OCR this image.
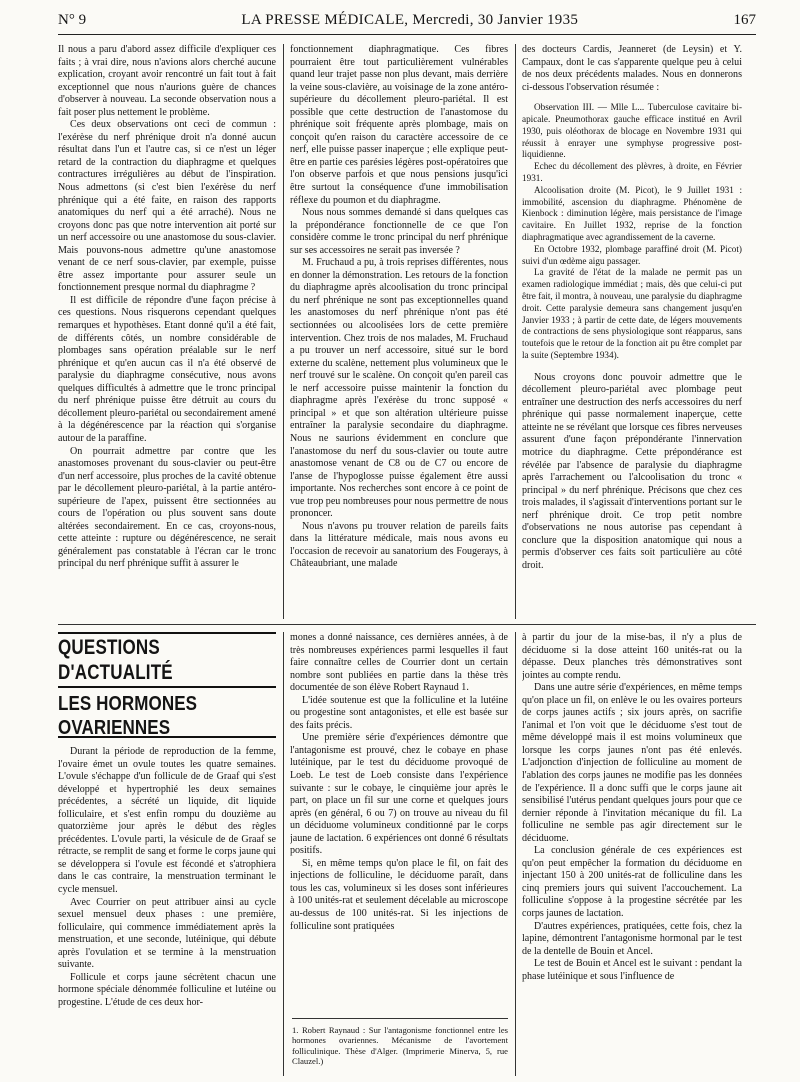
N° 9	LA PRESSE MÉDICALE, Mercredi, 30 Janvier 1935	167

Il nous a paru d'abord assez difficile d'expliquer ces faits ; à vrai dire, nous n'avions alors cherché aucune explication, croyant avoir rencontré un fait tout à fait exceptionnel que nous n'aurions guère de chances d'observer à nouveau. La seconde observation nous a fait poser plus nettement le problème.

Ces deux observations ont ceci de commun : l'exérèse du nerf phrénique droit n'a donné aucun résultat dans l'un et l'autre cas, si ce n'est un léger retard de la contraction du diaphragme et quelques contractures irrégulières au début de l'inspiration. Nous admettons (si c'est bien l'exérèse du nerf phrénique qui a été faite, en raison des rapports anatomiques du nerf qui a été arraché). Nous ne croyons donc pas que notre intervention ait porté sur un nerf accessoire ou une anastomose du sous-clavier. Mais pouvons-nous admettre qu'une anastomose venant de ce nerf sous-clavier, par exemple, puisse être assez importante pour assurer seule un fonctionnement presque normal du diaphragme ?

Il est difficile de répondre d'une façon précise à ces questions. Nous risquerons cependant quelques remarques et hypothèses. Etant donné qu'il a été fait, de différents côtés, un nombre considérable de plombages sans opération préalable sur le nerf phrénique et qu'en aucun cas il n'a été observé de paralysie du diaphragme consécutive, nous avons quelques difficultés à admettre que le tronc principal du nerf phrénique puisse être détruit au cours du décollement pleuro-pariétal ou secondairement amené à la dégénérescence par la réaction qui s'organise autour de la paraffine.

On pourrait admettre par contre que les anastomoses provenant du sous-clavier ou peut-être d'un nerf accessoire, plus proches de la cavité obtenue par le décollement pleuro-pariétal, à la partie antéro-supérieure de l'apex, puissent être sectionnées au cours de l'opération ou plus souvent sans doute altérées secondairement. En ce cas, croyons-nous, cette atteinte : rupture ou dégénérescence, ne serait généralement pas constatable à l'écran car le tronc principal du nerf phrénique suffit à assurer le

fonctionnement diaphragmatique. Ces fibres pourraient être tout particulièrement vulnérables quand leur trajet passe non plus devant, mais derrière la veine sous-clavière, au voisinage de la zone antéro-supérieure du décollement pleuro-pariétal. Il est possible que cette destruction de l'anastomose du phrénique soit fréquente après plombage, mais on conçoit qu'en raison du caractère accessoire de ce nerf, elle puisse passer inaperçue ; elle explique peut-être en partie ces parésies légères post-opératoires que l'on observe parfois et que nous pensions jusqu'ici être surtout la conséquence d'une immobilisation réflexe du poumon et du diaphragme.

Nous nous sommes demandé si dans quelques cas la prépondérance fonctionnelle de ce que l'on considère comme le tronc principal du nerf phrénique sur ses accessoires ne serait pas inversée ?

M. Fruchaud a pu, à trois reprises différentes, nous en donner la démonstration. Les retours de la fonction du diaphragme après alcoolisation du tronc principal du nerf phrénique ne sont pas exceptionnelles quand les anastomoses du nerf phrénique n'ont pas été sectionnées ou alcoolisées lors de cette première intervention. Chez trois de nos malades, M. Fruchaud a pu trouver un nerf accessoire, situé sur le bord externe du scalène, nettement plus volumineux que le nerf trouvé sur le scalène. On conçoit qu'en pareil cas le nerf accessoire puisse maintenir la fonction du diaphragme après l'exérèse du tronc supposé « principal » et que son altération ultérieure puisse entraîner la paralysie secondaire du diaphragme. Nous ne saurions évidemment en conclure que l'anastomose du nerf du sous-clavier ou toute autre anastomose venant de C8 ou de C7 ou encore de l'anse de l'hypoglosse puisse également être aussi importante. Nos recherches sont encore à ce point de vue trop peu nombreuses pour nous permettre de nous prononcer.

Nous n'avons pu trouver relation de pareils faits dans la littérature médicale, mais nous avons eu l'occasion de recevoir au sanatorium des Fougerays, à Châteaubriant, une malade

des docteurs Cardis, Jeanneret (de Leysin) et Y. Campaux, dont le cas s'apparente quelque peu à celui de nos deux précédents malades. Nous en donnerons ci-dessous l'observation résumée :

Observation III. — Mlle L... Tuberculose cavitaire bi-apicale. Pneumothorax gauche efficace institué en Avril 1930, puis oléothorax de blocage en Novembre 1931 qui réussit à enrayer une symphyse progressive post-liquidienne.

Echec du décollement des plèvres, à droite, en Février 1931.

Alcoolisation droite (M. Picot), le 9 Juillet 1931 : immobilité, ascension du diaphragme. Phénomène de Kienbock : diminution légère, mais persistance de l'image cavitaire. En Juillet 1932, reprise de la fonction diaphragmatique avec agrandissement de la caverne.

En Octobre 1932, plombage paraffiné droit (M. Picot) suivi d'un œdème aigu passager.

La gravité de l'état de la malade ne permit pas un examen radiologique immédiat ; mais, dès que celui-ci put être fait, il montra, à nouveau, une paralysie du diaphragme droit. Cette paralysie demeura sans changement jusqu'en Janvier 1933 ; à partir de cette date, de légers mouvements de contractions de sens physiologique sont réapparus, sans toutefois que le retour de la fonction ait pu être complet par la suite (Septembre 1934).

Nous croyons donc pouvoir admettre que le décollement pleuro-pariétal avec plombage peut entraîner une destruction des nerfs accessoires du nerf phrénique qui passe normalement inaperçue, cette atteinte ne se révélant que lorsque ces fibres nerveuses assurent d'une façon prépondérante l'innervation motrice du diaphragme. Cette prépondérance est révélée par l'absence de paralysie du diaphragme après l'arrachement ou l'alcoolisation du tronc « principal » du nerf phrénique. Précisons que chez ces trois malades, il s'agissait d'interventions portant sur le nerf phrénique droit. Ce trop petit nombre d'observations ne nous autorise pas cependant à conclure que la disposition anatomique qui nous a permis d'observer ces faits soit particulière au côté droit.

QUESTIONS D'ACTUALITÉ
LES HORMONES OVARIENNES

Durant la période de reproduction de la femme, l'ovaire émet un ovule toutes les quatre semaines. L'ovule s'échappe d'un follicule de de Graaf qui s'est développé et hypertrophié les deux semaines précédentes, a sécrété un liquide, dit liquide folliculaire, et s'est enfin rompu du douzième au quatorzième jour après le début des règles précédentes. L'ovule parti, la vésicule de de Graaf se rétracte, se remplit de sang et forme le corps jaune qui se développera si l'ovule est fécondé et s'atrophiera dans le cas contraire, la menstruation terminant le cycle mensuel.

Avec Courrier on peut attribuer ainsi au cycle sexuel mensuel deux phases : une première, folliculaire, qui commence immédiatement après la menstruation, et une seconde, lutéinique, qui débute après l'ovulation et se termine à la menstruation suivante.

Follicule et corps jaune sécrètent chacun une hormone spéciale dénommée folliculine et lutéine ou progestine. L'étude de ces deux hor-

mones a donné naissance, ces dernières années, à de très nombreuses expériences parmi lesquelles il faut faire connaître celles de Courrier dont un certain nombre sont publiées en partie dans la thèse très documentée de son élève Robert Raynaud 1.

L'idée soutenue est que la folliculine et la lutéine ou progestine sont antagonistes, et elle est basée sur des faits précis.

Une première série d'expériences démontre que l'antagonisme est prouvé, chez le cobaye en phase lutéinique, par le test du déciduome provoqué de Loeb. Le test de Loeb consiste dans l'expérience suivante : sur le cobaye, le cinquième jour après le part, on place un fil sur une corne et quelques jours après (en général, 6 ou 7) on trouve au niveau du fil un déciduome volumineux conditionné par le corps jaune de lactation. 6 expériences ont donné 6 résultats positifs.

Si, en même temps qu'on place le fil, on fait des injections de folliculine, le déciduome paraît, dans tous les cas, volumineux si les doses sont inférieures à 100 unités-rat et seulement décelable au microscope au-dessus de 100 unités-rat. Si les injections de folliculine sont pratiquées

1. Robert Raynaud : Sur l'antagonisme fonctionnel entre les hormones ovariennes. Mécanisme de l'avortement folliculinique. Thèse d'Alger. (Imprimerie Minerva, 5, rue Clauzel.)

à partir du jour de la mise-bas, il n'y a plus de déciduome si la dose atteint 160 unités-rat ou la dépasse. Deux planches très démonstratives sont jointes au compte rendu.

Dans une autre série d'expériences, en même temps qu'on place un fil, on enlève le ou les ovaires porteurs de corps jaunes actifs ; six jours après, on sacrifie l'animal et l'on voit que le déciduome s'est tout de même développé mais il est moins volumineux que lorsque les corps jaunes n'ont pas été enlevés. L'adjonction d'injection de folliculine au moment de l'ablation des corps jaunes ne modifie pas les données de l'expérience. Il a donc suffi que le corps jaune ait sensibilisé l'utérus pendant quelques jours pour que ce dernier réponde à l'invitation mécanique du fil. La folliculine ne semble pas agir directement sur le déciduome.

La conclusion générale de ces expériences est qu'on peut empêcher la formation du déciduome en injectant 150 à 200 unités-rat de folliculine dans les cinq premiers jours qui suivent l'accouchement. La folliculine s'oppose à la progestine sécrétée par les corps jaunes de lactation.

D'autres expériences, pratiquées, cette fois, chez la lapine, démontrent l'antagonisme hormonal par le test de la dentelle de Bouin et Ancel.

Le test de Bouin et Ancel est le suivant : pendant la phase lutéinique et sous l'influence de
